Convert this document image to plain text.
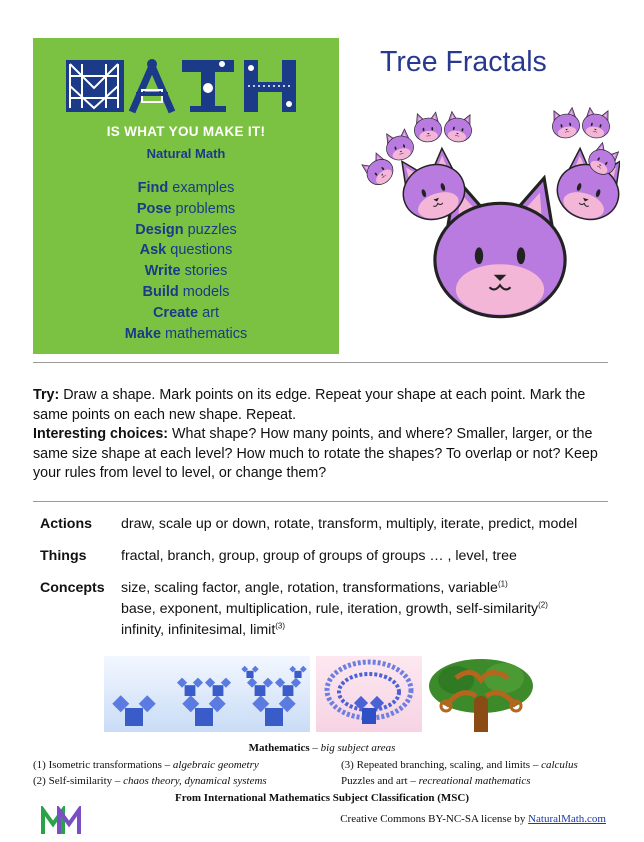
IS WHAT YOU MAKE IT!
Natural Math
Find examples
Pose problems
Design puzzles
Ask questions
Write stories
Build models
Create art
Make mathematics
Tree Fractals
Try: Draw a shape. Mark points on its edge. Repeat your shape at each point. Mark the same points on each new shape. Repeat.
Interesting choices: What shape? How many points, and where? Smaller, larger, or the same size shape at each level? How much to rotate the shapes? To overlap or not? Keep your rules from level to level, or change them?
Actions draw, scale up or down, rotate, transform, multiply, iterate, predict, model
Things fractal, branch, group, group of groups of groups … , level, tree
Concepts size, scaling factor, angle, rotation, transformations, variable$^{(1)}$
base, exponent, multiplication, rule, iteration, growth, self-similarity$^{(2)}$
infinity, infinitesimal, limit$^{(3)}$
Mathematics – big subject areas
(1) Isometric transformations – algebraic geometry
(2) Self-similarity – chaos theory, dynamical systems
(3) Repeated branching, scaling, and limits – calculus
Puzzles and art – recreational mathematics
From International Mathematics Subject Classification (MSC)
Creative Commons BY-NC-SA license by NaturalMath.com
